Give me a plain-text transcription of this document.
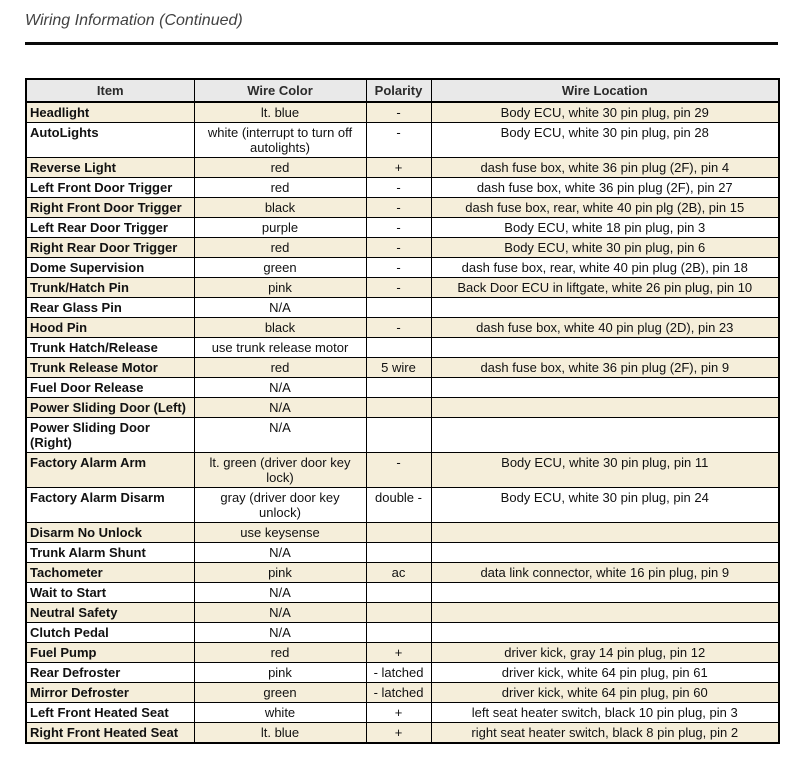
Wiring Information (Continued)
Item	Wire Color	Polarity	Wire Location
Headlight	lt. blue	-	Body ECU, white 30 pin plug, pin 29
AutoLights	white (interrupt to turn off autolights)	-	Body ECU, white 30 pin plug, pin 28
Reverse Light	red	+	dash fuse box, white 36 pin plug (2F), pin 4
Left Front Door Trigger	red	-	dash fuse box, white 36 pin plug (2F), pin 27
Right Front Door Trigger	black	-	dash fuse box, rear, white 40 pin plg (2B), pin 15
Left Rear Door Trigger	purple	-	Body ECU, white 18 pin plug, pin 3
Right Rear Door Trigger	red	-	Body ECU, white 30 pin plug, pin 6
Dome Supervision	green	-	dash fuse box, rear, white 40 pin plug (2B), pin 18
Trunk/Hatch Pin	pink	-	Back Door ECU in liftgate, white 26 pin plug, pin 10
Rear Glass Pin	N/A		
Hood Pin	black	-	dash fuse box, white 40 pin plug (2D), pin 23
Trunk Hatch/Release	use trunk release motor		
Trunk Release Motor	red	5 wire	dash fuse box, white 36 pin plug (2F), pin 9
Fuel Door Release	N/A		
Power Sliding Door (Left)	N/A		
Power Sliding Door (Right)	N/A		
Factory Alarm Arm	lt. green (driver door key lock)	-	Body ECU, white 30 pin plug, pin 11
Factory Alarm Disarm	gray (driver door key unlock)	double -	Body ECU, white 30 pin plug, pin 24
Disarm No Unlock	use keysense		
Trunk Alarm Shunt	N/A		
Tachometer	pink	ac	data link connector, white 16 pin plug, pin 9
Wait to Start	N/A		
Neutral Safety	N/A		
Clutch Pedal	N/A		
Fuel Pump	red	+	driver kick, gray 14 pin plug, pin 12
Rear Defroster	pink	- latched	driver kick, white 64 pin plug, pin 61
Mirror Defroster	green	- latched	driver kick, white 64 pin plug, pin 60
Left Front Heated Seat	white	+	left seat heater switch, black 10 pin plug, pin 3
Right Front Heated Seat	lt. blue	+	right seat heater switch, black 8 pin plug, pin 2
